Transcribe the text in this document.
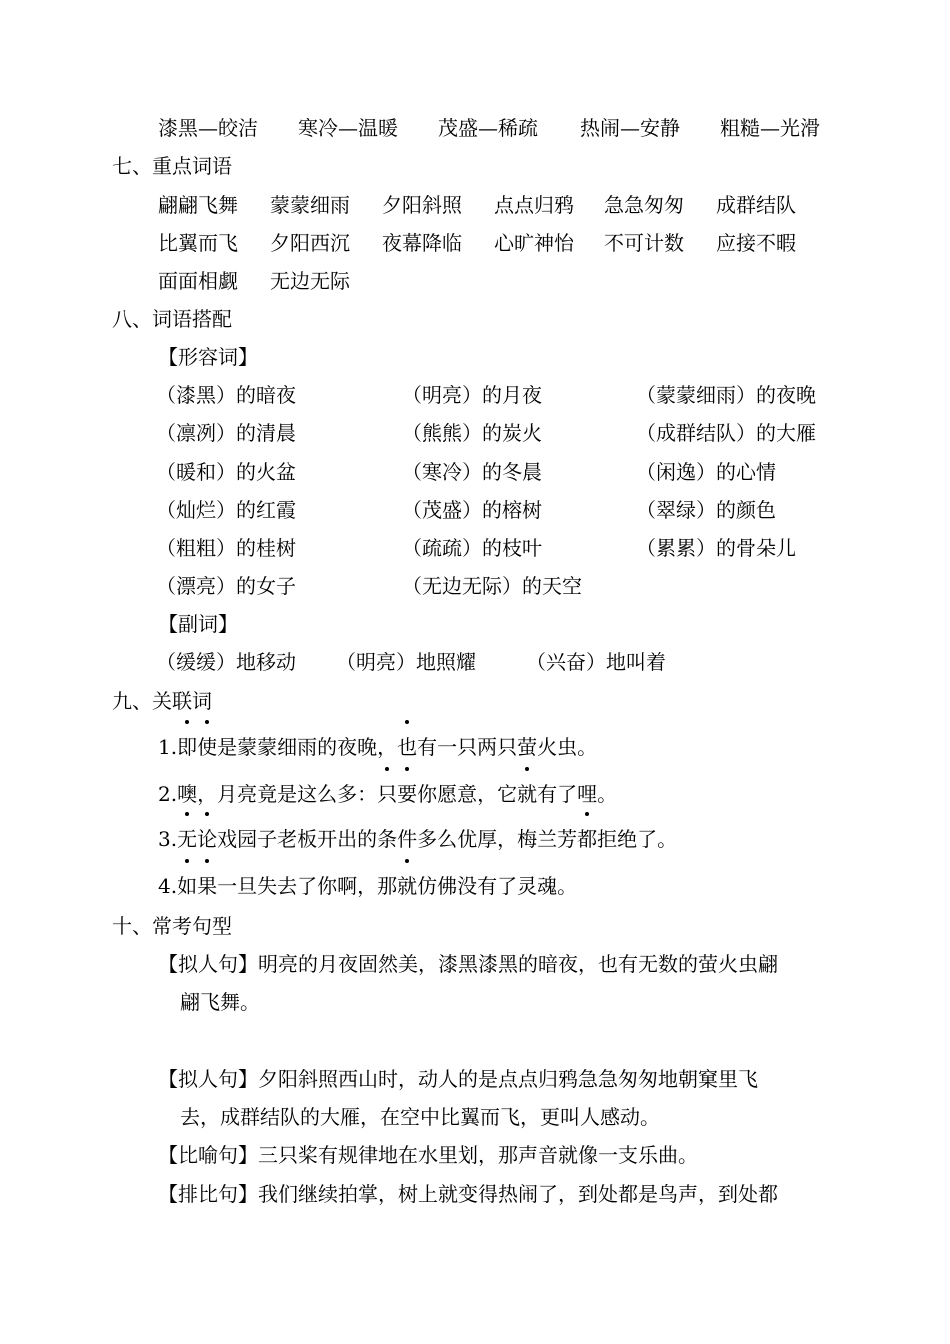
漆黑—皎洁 寒冷—温暖 茂盛—稀疏 热闹—安静 粗糙—光滑
七、重点词语
翩翩飞舞 蒙蒙细雨 夕阳斜照 点点归鸦 急急匆匆 成群结队
比翼而飞 夕阳西沉 夜幕降临 心旷神怡 不可计数 应接不暇
面面相觑 无边无际
八、词语搭配
【形容词】
（漆黑）的暗夜	（明亮）的月夜	（蒙蒙细雨）的夜晚
（凛冽）的清晨	（熊熊）的炭火	（成群结队）的大雁
（暖和）的火盆	（寒冷）的冬晨	（闲逸）的心情
（灿烂）的红霞	（茂盛）的榕树	（翠绿）的颜色
（粗粗）的桂树	（疏疏）的枝叶	（累累）的骨朵儿
（漂亮）的女子	（无边无际）的天空
【副词】
（缓缓）地移动 （明亮）地照耀	（兴奋）地叫着
九、关联词
1.即使
是蒙蒙细雨的夜晚，也
有一只两只萤火虫。
2.噢，月亮竟是这么多：只要
你愿意，它就
有了哩。
3.无论
戏园子老板开出的条件多么优厚，梅兰芳都
拒绝了。
4.如果
一旦失去了你啊，那就
仿佛没有了灵魂。
十、常考句型
【拟人句】明亮的月夜固然美，漆黑漆黑的暗夜，也有无数的萤火虫翩
翩飞舞。
【拟人句】夕阳斜照西山时，动人的是点点归鸦急急匆匆地朝窠里飞
去，成群结队的大雁，在空中比翼而飞，更叫人感动。
【比喻句】三只桨有规律地在水里划，那声音就像一支乐曲。
【排比句】我们继续拍掌，树上就变得热闹了，到处都是鸟声，到处都
